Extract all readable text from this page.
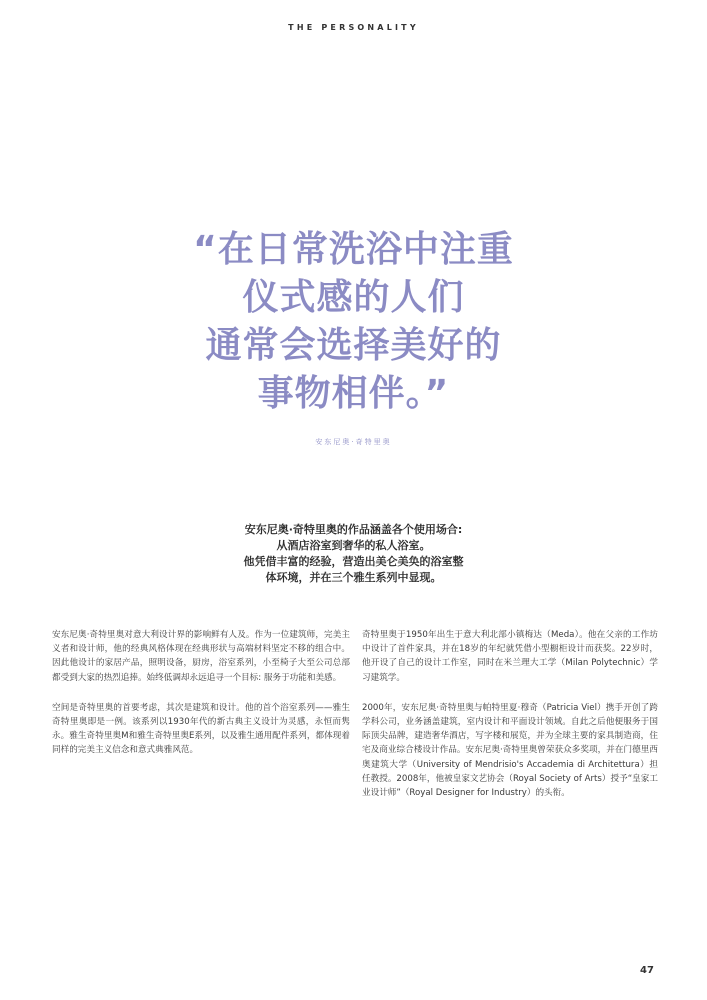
THE PERSONALITY
“在日常洗浴中注重
仪式感的人们
通常会选择美好的
事物相伴。”
安东尼奥·奇特里奥
安东尼奥·奇特里奥的作品涵盖各个使用场合:
从酒店浴室到奢华的私人浴室。
他凭借丰富的经验，营造出美仑美奂的浴室整
体环境，并在三个雅生系列中显现。

安东尼奥·奇特里奥对意大利设计界的影响鲜有人及。作为一位建筑师，完美主义者和设计师，他的经典风格体现在经典形状与高端材料坚定不移的组合中。因此他设计的家居产品，照明设备，厨房，浴室系列，小至椅子大至公司总部都受到大家的热烈追捧。始终低调却永远追寻一个目标: 服务于功能和美感。

空间是奇特里奥的首要考虑，其次是建筑和设计。他的首个浴室系列——雅生奇特里奥即是一例。该系列以1930年代的新古典主义设计为灵感，永恒而隽永。雅生奇特里奥M和雅生奇特里奥E系列，以及雅生通用配件系列，都体现着同样的完美主义信念和意式典雅风范。

奇特里奥于1950年出生于意大利北部小镇梅达（Meda）。他在父亲的工作坊中设计了首件家具，并在18岁的年纪就凭借小型橱柜设计而获奖。22岁时，他开设了自己的设计工作室，同时在米兰理大工学（Milan Polytechnic）学习建筑学。

2000年，安东尼奥·奇特里奥与帕特里夏·穆奇（Patricia Viel）携手开创了跨学科公司，业务涵盖建筑，室内设计和平面设计领域。自此之后他便服务于国际顶尖品牌，建造奢华酒店，写字楼和展览，并为全球主要的家具制造商，住宅及商业综合楼设计作品。安东尼奥·奇特里奥曾荣获众多奖项，并在门德里西奥建筑大学（University of Mendrisio's Accademia di Architettura）担任教授。2008年，他被皇家文艺协会（Royal Society of Arts）授予“皇家工业设计师”（Royal Designer for Industry）的头衔。

47
